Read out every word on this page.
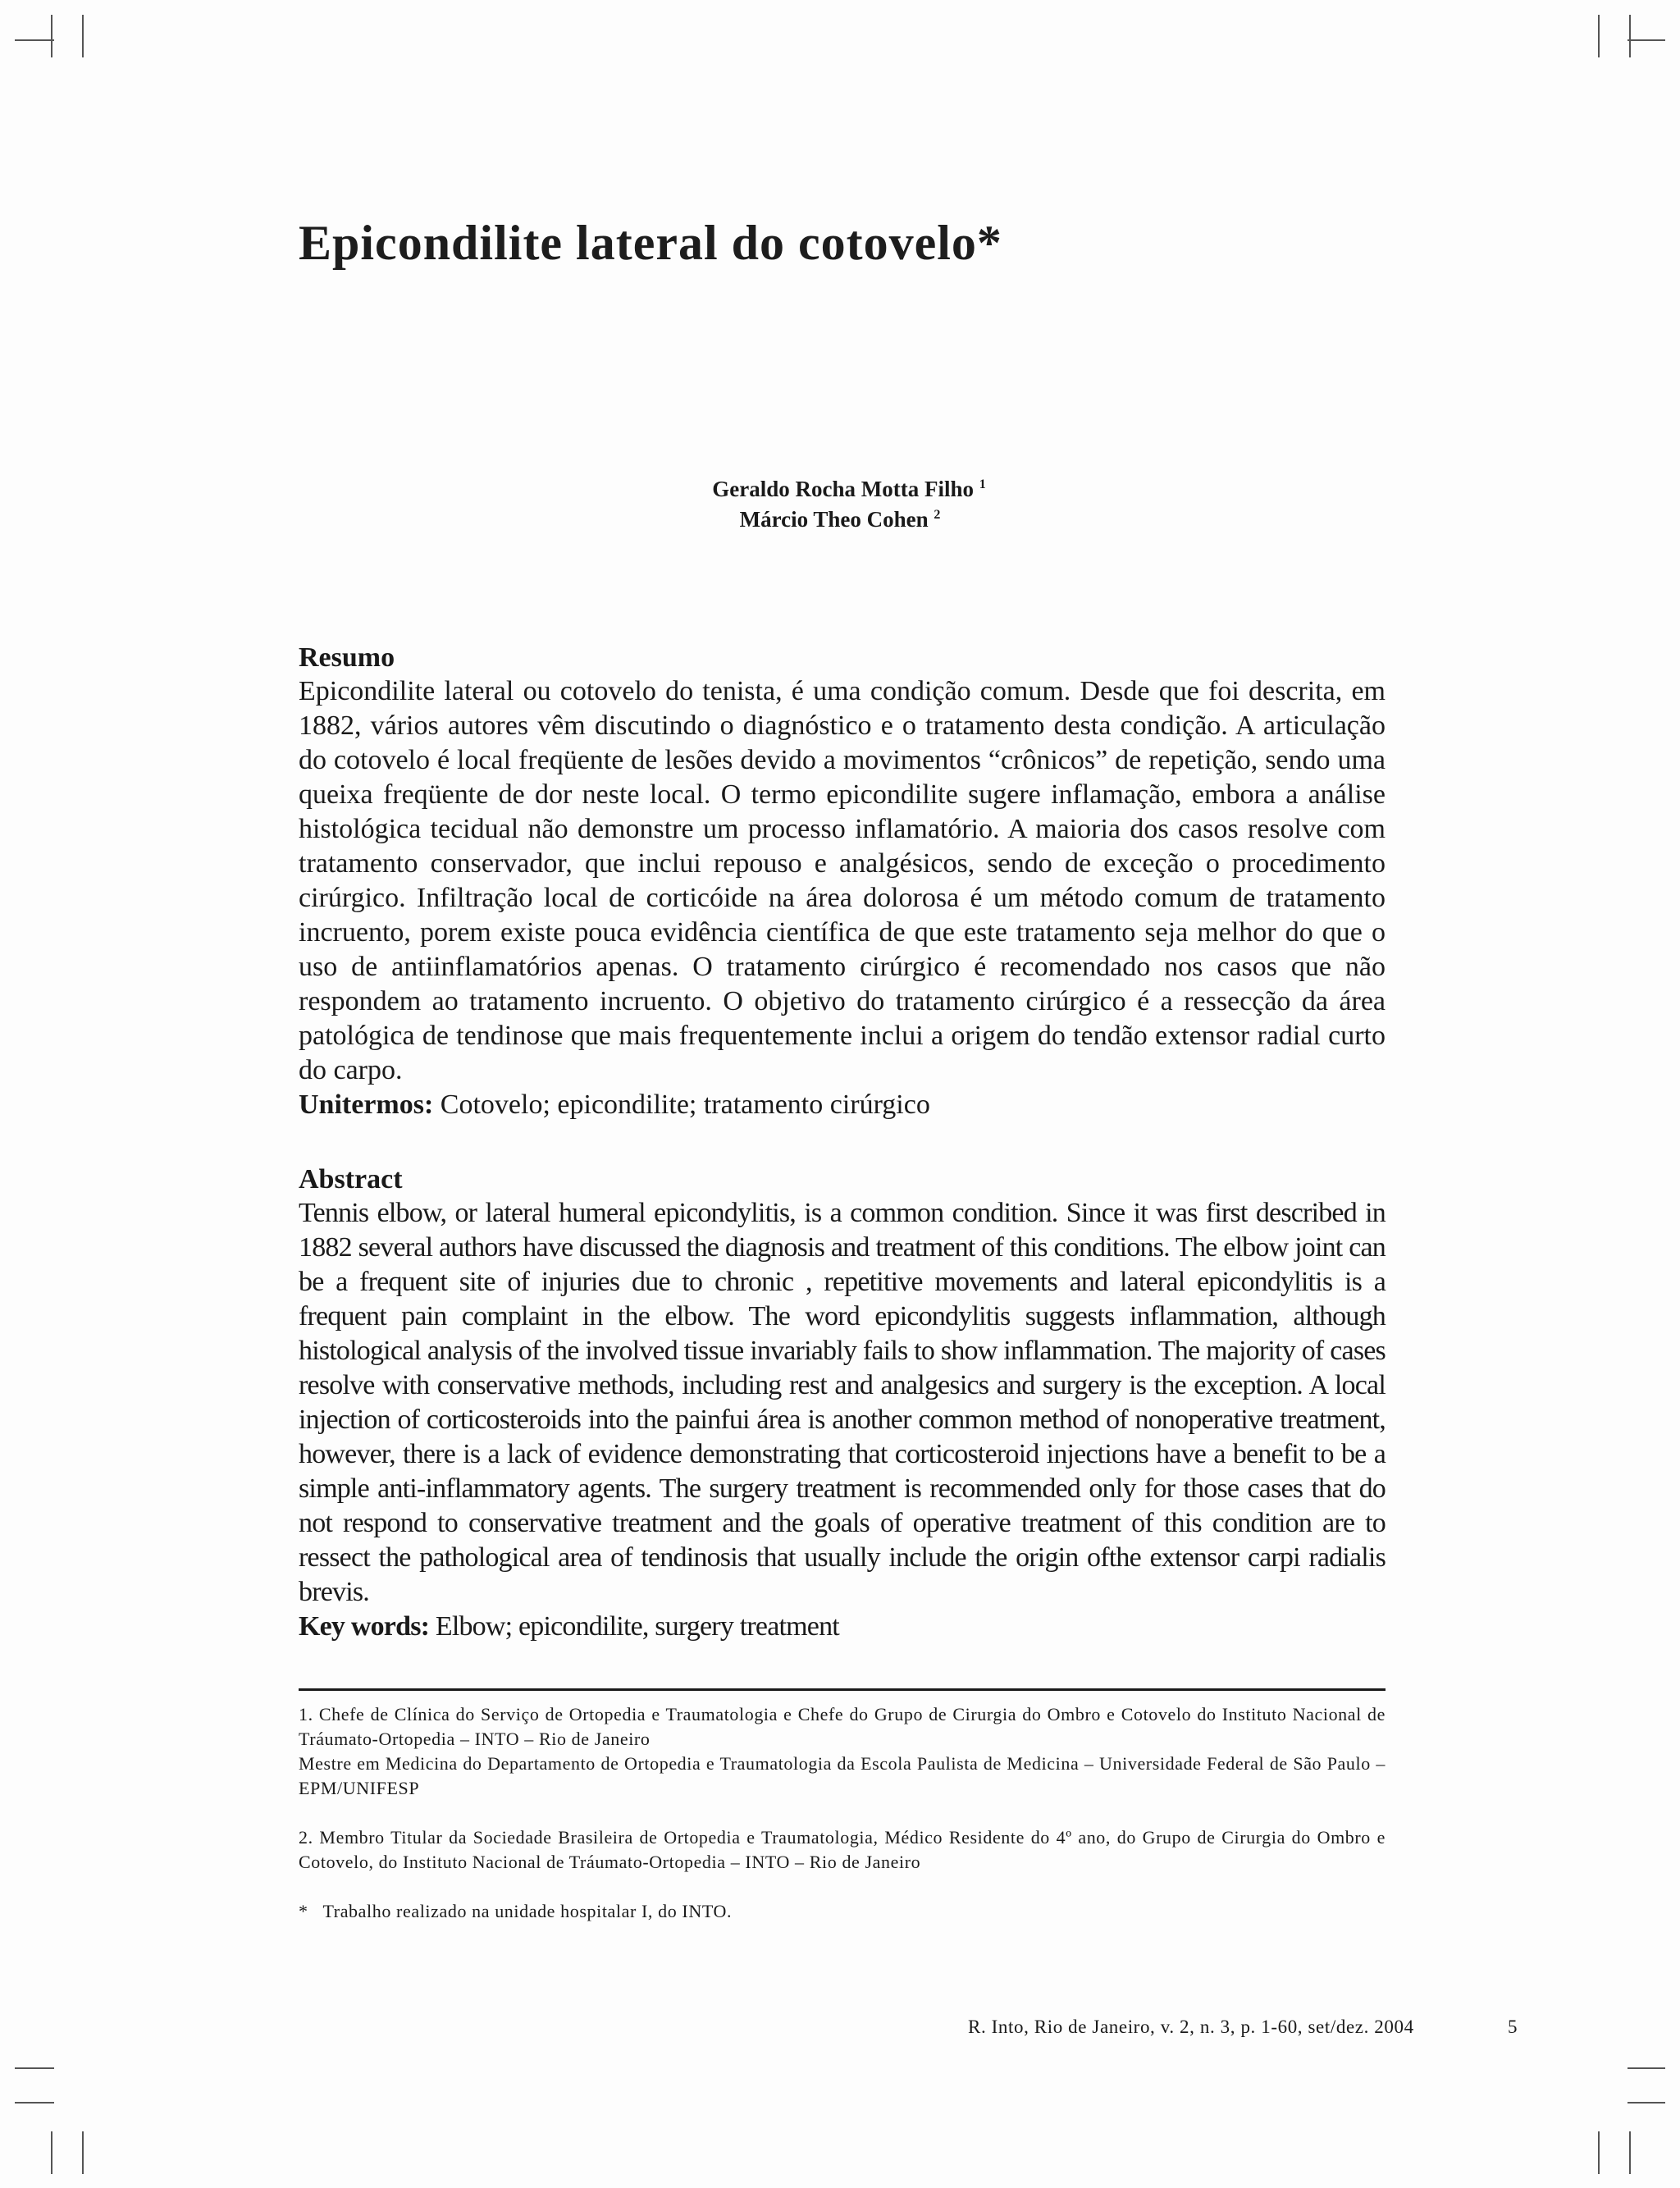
Epicondilite lateral do cotovelo*
Geraldo Rocha Motta Filho $^1$
Márcio Theo Cohen $^2$
Resumo
Epicondilite lateral ou cotovelo do tenista, é uma condição comum. Desde que foi descrita, em 1882, vários autores vêm discutindo o diagnóstico e o tratamento desta condição. A articulação do cotovelo é local freqüente de lesões devido a movimentos “crônicos” de repetição, sendo uma queixa freqüente de dor neste local. O termo epicondilite sugere inflamação, embora a análise histológica tecidual não demonstre um processo inflamatório. A maioria dos casos resolve com tratamento conservador, que inclui repouso e analgésicos, sendo de exceção o procedimento cirúrgico. Infiltração local de corticóide na área dolorosa é um método comum de tratamento incruento, porem existe pouca evidência científica de que este tratamento seja melhor do que o uso de antiinflamatórios apenas. O tratamento cirúrgico é recomendado nos casos que não respondem ao tratamento incruento. O objetivo do tratamento cirúrgico é a ressecção da área patológica de tendinose que mais frequentemente inclui a origem do tendão extensor radial curto do carpo.
Unitermos: Cotovelo; epicondilite; tratamento cirúrgico
Abstract
Tennis elbow, or lateral humeral epicondylitis, is a common condition. Since it was first described in 1882 several authors have discussed the diagnosis and treatment of this conditions. The elbow joint can be a frequent site of injuries due to chronic , repetitive movements and lateral epicondylitis is a frequent pain complaint in the elbow. The word epicondylitis suggests inflammation, although histological analysis of the involved tissue invariably fails to show inflammation. The majority of cases resolve with conservative methods, including rest and analgesics and surgery is the exception. A local injection of corticosteroids into the painfui área is another common method of nonoperative treatment, however, there is a lack of evidence demonstrating that corticosteroid injections have a benefit to be a simple anti-inflammatory agents. The surgery treatment is recommended only for those cases that do not respond to conservative treatment and the goals of operative treatment of this condition are to ressect the pathological area of tendinosis that usually include the origin ofthe extensor carpi radialis brevis.
Key words: Elbow; epicondilite, surgery treatment

1. Chefe de Clínica do Serviço de Ortopedia e Traumatologia e Chefe do Grupo de Cirurgia do Ombro e Cotovelo do Instituto Nacional de Tráumato-Ortopedia – INTO – Rio de Janeiro

Mestre em Medicina do Departamento de Ortopedia e Traumatologia da Escola Paulista de Medicina – Universidade Federal de São Paulo – EPM/UNIFESP

2. Membro Titular da Sociedade Brasileira de Ortopedia e Traumatologia, Médico Residente do 4º ano, do Grupo de Cirurgia do Ombro e Cotovelo, do Instituto Nacional de Tráumato-Ortopedia – INTO – Rio de Janeiro

*   Trabalho realizado na unidade hospitalar I, do INTO.

R. Into, Rio de Janeiro, v. 2, n. 3, p. 1-60, set/dez. 2004	5
